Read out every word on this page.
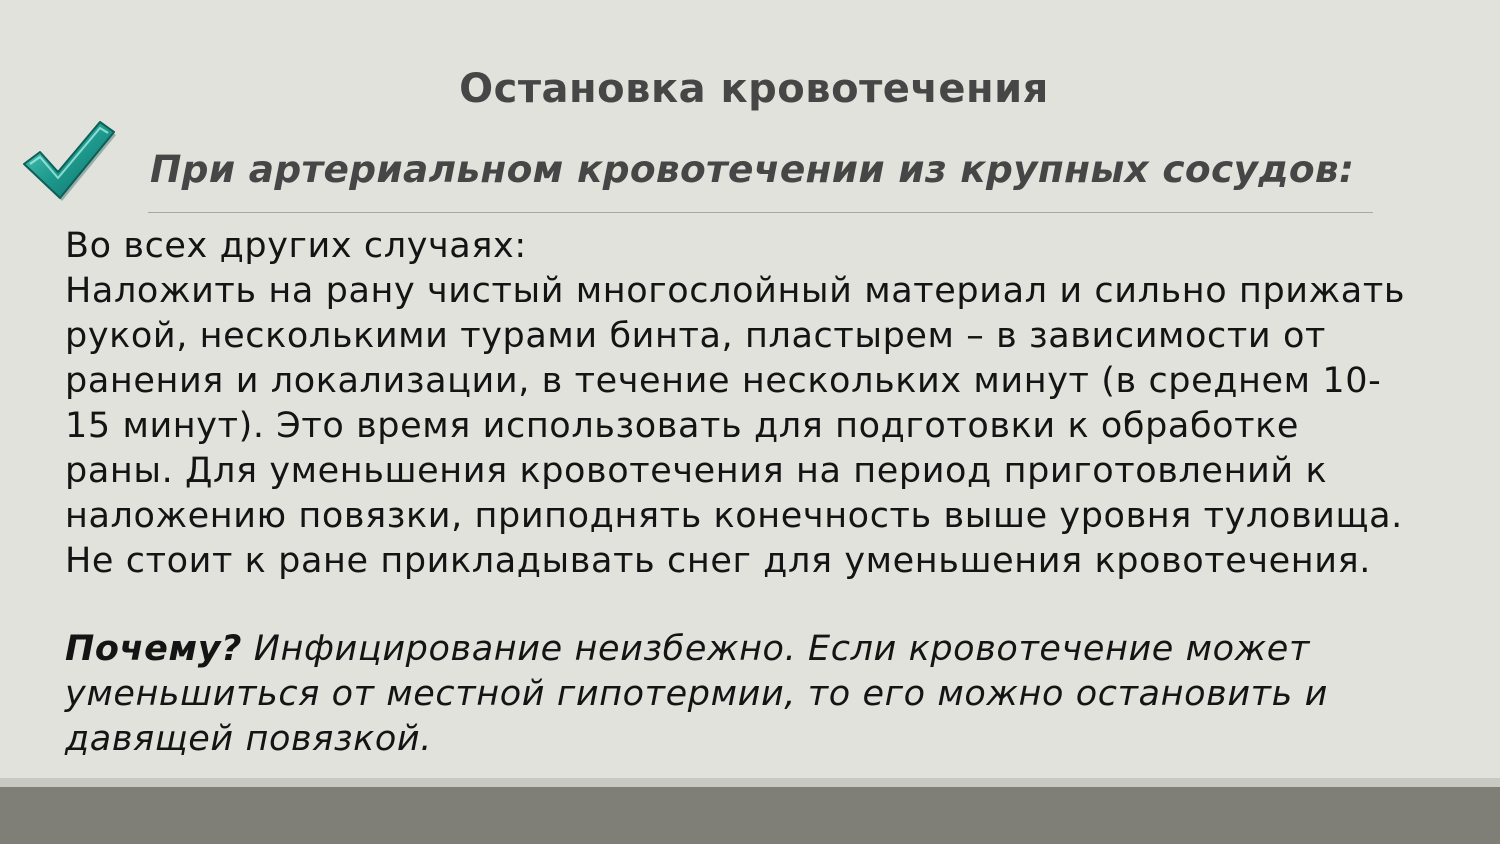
Остановка кровотечения
При артериальном кровотечении из крупных сосудов:

Во всех других случаях:

Наложить на рану чистый многослойный материал и сильно прижать

рукой, несколькими турами бинта, пластырем – в зависимости от

ранения и локализации, в течение нескольких минут (в среднем 10-

15 минут). Это время использовать для подготовки к обработке

раны. Для уменьшения кровотечения на период приготовлений к

наложению повязки, приподнять конечность выше уровня туловища.

Не стоит к ране прикладывать снег для уменьшения кровотечения.

Почему? Инфицирование неизбежно. Если кровотечение может

уменьшиться от местной гипотермии, то его можно остановить и

давящей повязкой.
